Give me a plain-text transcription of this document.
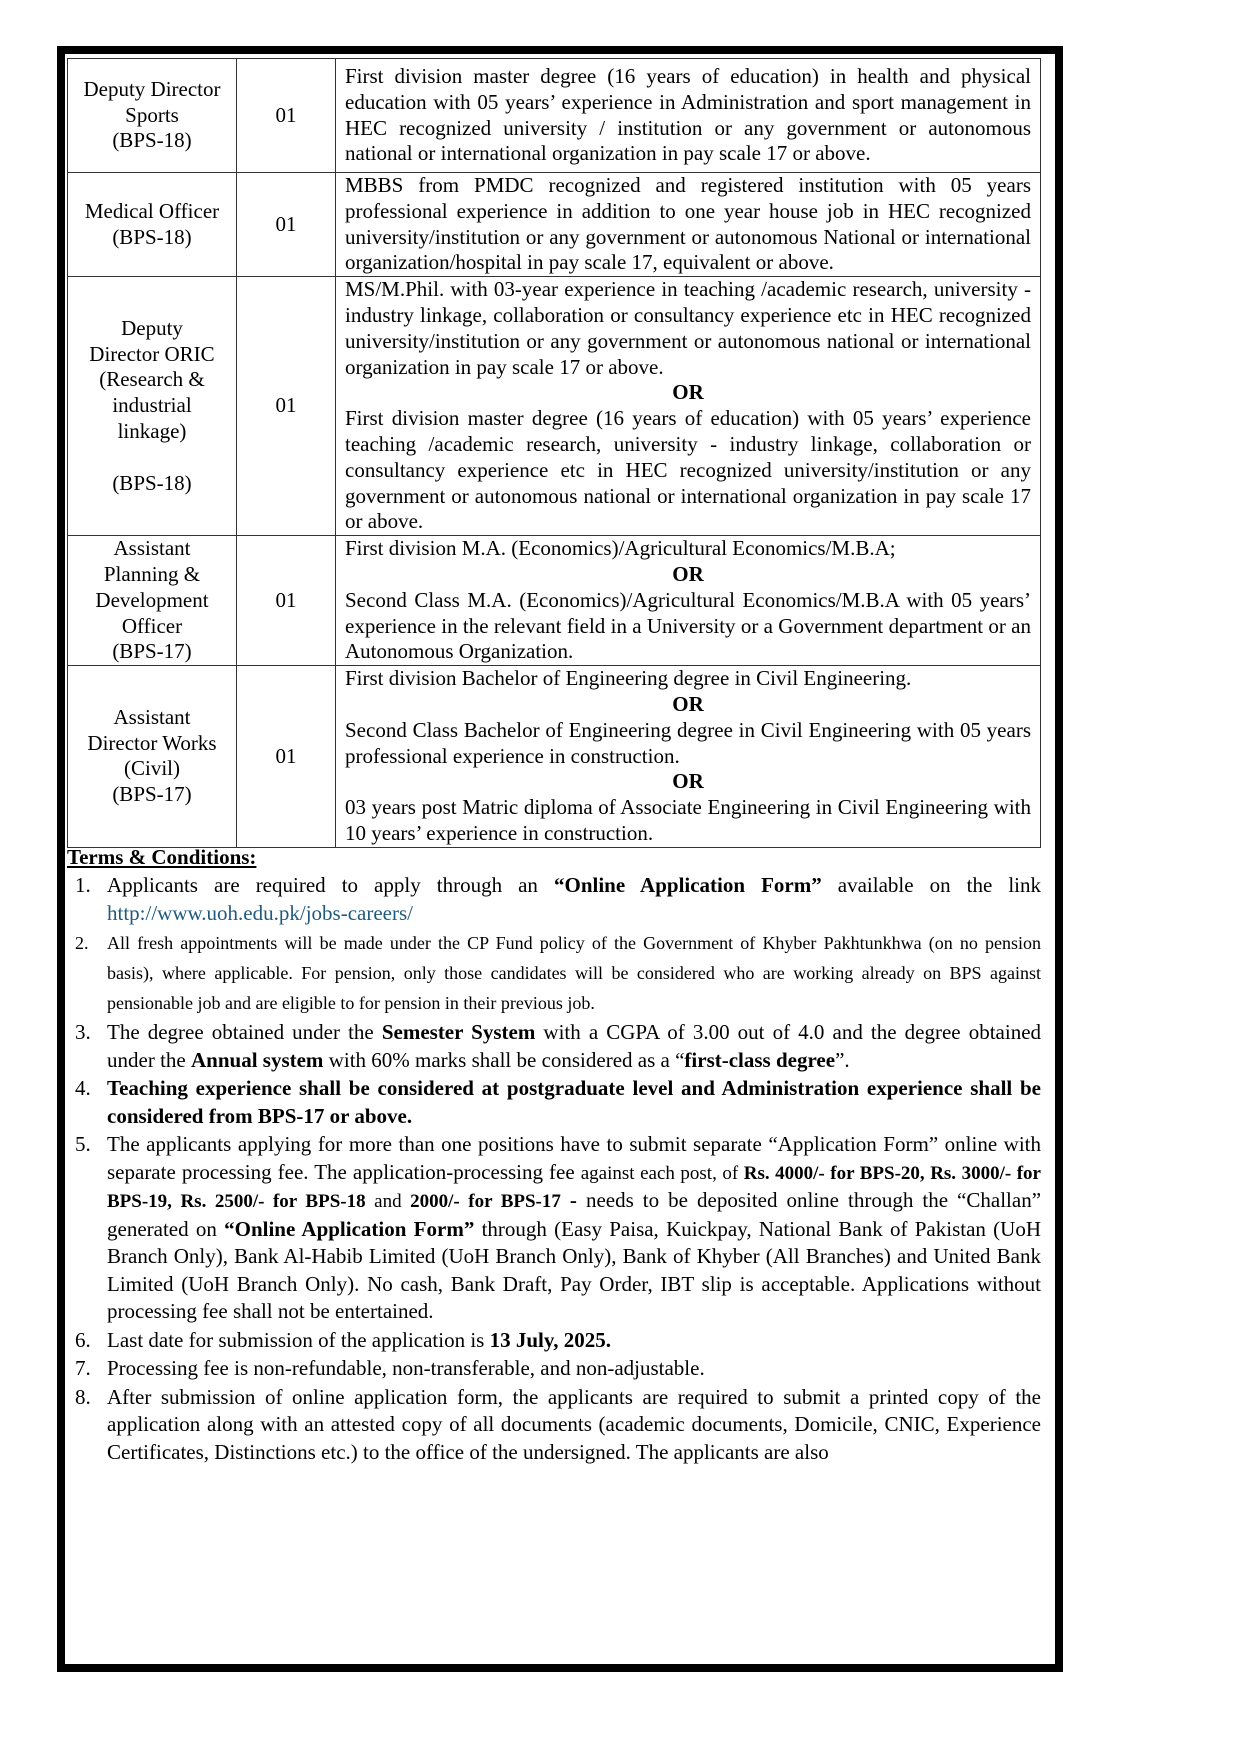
Deputy Director
Sports
(BPS-18)
	01	
First division master degree (16 years of education) in health and physical education with 05 years’ experience in Administration and sport management in HEC recognized university / institution or any government or autonomous national or international organization in pay scale 17 or above.

Medical Officer
(BPS-18)	01	MBBS from PMDC recognized and registered institution with 05 years professional experience in addition to one year house job in HEC recognized university/institution or any government or autonomous National or international organization/hospital in pay scale 17, equivalent or above.

Deputy
Director ORIC
(Research &
industrial
linkage)
(BPS-18)
	01	
MS/M.Phil. with 03-year experience in teaching /academic research, university - industry linkage, collaboration or consultancy experience etc in HEC recognized university/institution or any government or autonomous national or international organization in pay scale 17 or above.
OR
First division master degree (16 years of education) with 05 years’ experience teaching /academic research, university - industry linkage, collaboration or consultancy experience etc in HEC recognized university/institution or any government or autonomous national or international organization in pay scale 17 or above.

Assistant
Planning &
Development
Officer
(BPS-17)
	01	
First division M.A. (Economics)/Agricultural Economics/M.B.A;
OR
Second Class M.A. (Economics)/Agricultural Economics/M.B.A with 05 years’ experience in the relevant field in a University or a Government department or an Autonomous Organization.

Assistant
Director Works
(Civil)
(BPS-17)
	01	
First division Bachelor of Engineering degree in Civil Engineering.
OR
Second Class Bachelor of Engineering degree in Civil Engineering with 05 years professional experience in construction.
OR
03 years post Matric diploma of Associate Engineering in Civil Engineering with 10 years’ experience in construction.
Terms & Conditions:
1. Applicants are required to apply through an “Online Application Form” available on the link http://www.uoh.edu.pk/jobs-careers/
2. All fresh appointments will be made under the CP Fund policy of the Government of Khyber Pakhtunkhwa (on no pension basis), where applicable. For pension, only those candidates will be considered who are working already on BPS against pensionable job and are eligible to for pension in their previous job.
3. The degree obtained under the Semester System with a CGPA of 3.00 out of 4.0 and the degree obtained under the Annual system with 60% marks shall be considered as a “first-class degree”.
4. Teaching experience shall be considered at postgraduate level and Administration experience shall be considered from BPS-17 or above.
5. The applicants applying for more than one positions have to submit separate “Application Form” online with separate processing fee. The application-processing fee against each post, of Rs. 4000/- for BPS-20, Rs. 3000/- for BPS-19, Rs. 2500/- for BPS-18 and 2000/- for BPS-17 - needs to be deposited online through the “Challan” generated on “Online Application Form” through (Easy Paisa, Kuickpay, National Bank of Pakistan (UoH Branch Only), Bank Al-Habib Limited (UoH Branch Only), Bank of Khyber (All Branches) and United Bank Limited (UoH Branch Only). No cash, Bank Draft, Pay Order, IBT slip is acceptable. Applications without processing fee shall not be entertained.
6. Last date for submission of the application is 13 July, 2025.
7. Processing fee is non-refundable, non-transferable, and non-adjustable.
8. After submission of online application form, the applicants are required to submit a printed copy of the application along with an attested copy of all documents (academic documents, Domicile, CNIC, Experience Certificates, Distinctions etc.) to the office of the undersigned. The applicants are also
